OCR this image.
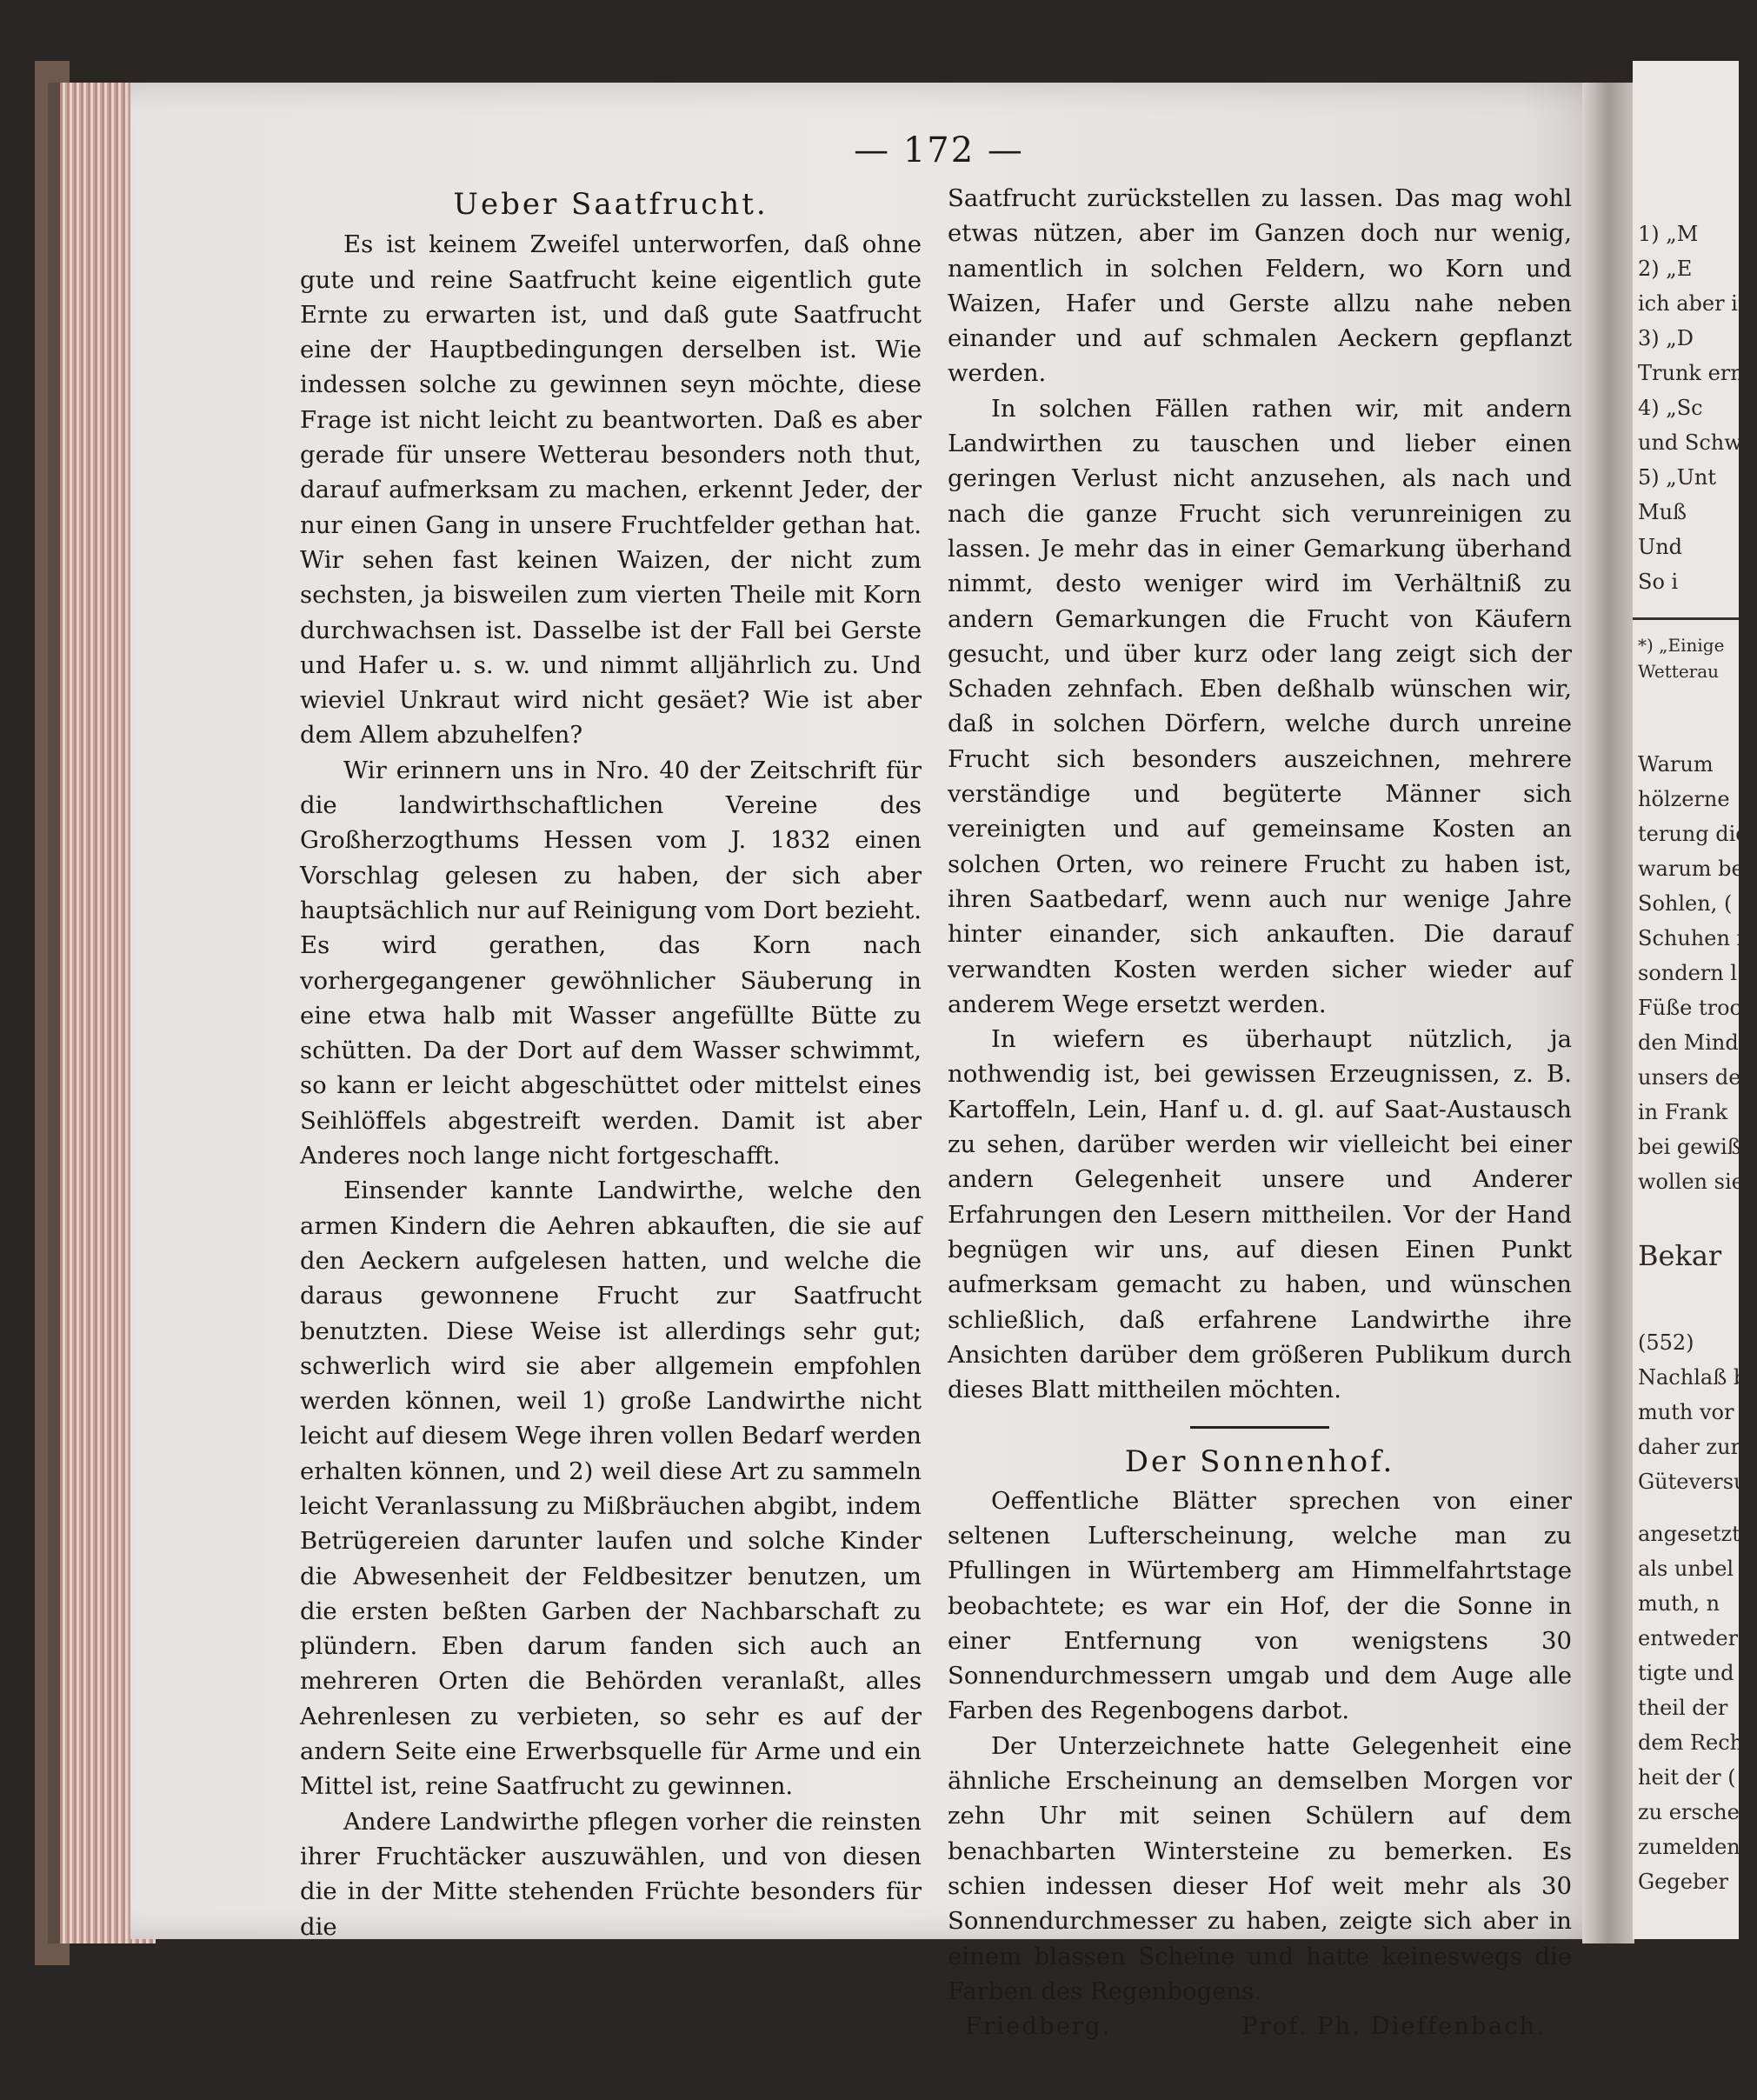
1) „M
2) „E
ich aber ir
3) „D
Trunk ern
4) „Sc
und Schwe
5) „Unt
Muß
Und
So i
*) „Einige
Wetterau
Warum
hölzerne
terung die
warum bed
Sohlen, (
Schuhen f
sondern l
Füße troc
den Mind
unsers de
in Frank
bei gewiß
wollen sie
Bekar
(552)
Nachlaß b
muth vor
daher zur
Güteversu
angesetzt
als unbel
muth, n
entweder
tigte und
theil der
dem Rech
heit der (
zu erschei
zumelden
Gegeber
— 172 —
Ueber Saatfrucht.

Es ist keinem Zweifel unterworfen, daß ohne gute und reine Saatfrucht keine eigentlich gute Ernte zu erwarten ist, und daß gute Saatfrucht eine der Hauptbedingungen derselben ist. Wie indessen solche zu gewinnen seyn möchte, diese Frage ist nicht leicht zu beantworten. Daß es aber gerade für unsere Wetterau besonders noth thut, darauf aufmerksam zu machen, erkennt Jeder, der nur einen Gang in unsere Fruchtfelder gethan hat. Wir sehen fast keinen Waizen, der nicht zum sechsten, ja bisweilen zum vierten Theile mit Korn durchwachsen ist. Dasselbe ist der Fall bei Gerste und Hafer u. s. w. und nimmt alljährlich zu. Und wieviel Unkraut wird nicht gesäet? Wie ist aber dem Allem abzuhelfen?

Wir erinnern uns in Nro. 40 der Zeitschrift für die landwirthschaftlichen Vereine des Großherzogthums Hessen vom J. 1832 einen Vorschlag gelesen zu haben, der sich aber hauptsächlich nur auf Reinigung vom Dort bezieht. Es wird gerathen, das Korn nach vorhergegangener gewöhnlicher Säuberung in eine etwa halb mit Wasser angefüllte Bütte zu schütten. Da der Dort auf dem Wasser schwimmt, so kann er leicht abgeschüttet oder mittelst eines Seihlöffels abgestreift werden. Damit ist aber Anderes noch lange nicht fortgeschafft.

Einsender kannte Landwirthe, welche den armen Kindern die Aehren abkauften, die sie auf den Aeckern aufgelesen hatten, und welche die daraus gewonnene Frucht zur Saatfrucht benutzten. Diese Weise ist allerdings sehr gut; schwerlich wird sie aber allgemein empfohlen werden können, weil 1) große Landwirthe nicht leicht auf diesem Wege ihren vollen Bedarf werden erhalten können, und 2) weil diese Art zu sammeln leicht Veranlassung zu Mißbräuchen abgibt, indem Betrügereien darunter laufen und solche Kinder die Abwesenheit der Feldbesitzer benutzen, um die ersten beßten Garben der Nachbarschaft zu plündern. Eben darum fanden sich auch an mehreren Orten die Behörden veranlaßt, alles Aehrenlesen zu verbieten, so sehr es auf der andern Seite eine Erwerbsquelle für Arme und ein Mittel ist, reine Saatfrucht zu gewinnen.

Andere Landwirthe pflegen vorher die reinsten ihrer Fruchtäcker auszuwählen, und von diesen die in der Mitte stehenden Früchte besonders für die

Saatfrucht zurückstellen zu lassen. Das mag wohl etwas nützen, aber im Ganzen doch nur wenig, namentlich in solchen Feldern, wo Korn und Waizen, Hafer und Gerste allzu nahe neben einander und auf schmalen Aeckern gepflanzt werden.

In solchen Fällen rathen wir, mit andern Landwirthen zu tauschen und lieber einen geringen Verlust nicht anzusehen, als nach und nach die ganze Frucht sich verunreinigen zu lassen. Je mehr das in einer Gemarkung überhand nimmt, desto weniger wird im Verhältniß zu andern Gemarkungen die Frucht von Käufern gesucht, und über kurz oder lang zeigt sich der Schaden zehnfach. Eben deßhalb wünschen wir, daß in solchen Dörfern, welche durch unreine Frucht sich besonders auszeichnen, mehrere verständige und begüterte Männer sich vereinigten und auf gemeinsame Kosten an solchen Orten, wo reinere Frucht zu haben ist, ihren Saatbedarf, wenn auch nur wenige Jahre hinter einander, sich ankauften. Die darauf verwandten Kosten werden sicher wieder auf anderem Wege ersetzt werden.

In wiefern es überhaupt nützlich, ja nothwendig ist, bei gewissen Erzeugnissen, z. B. Kartoffeln, Lein, Hanf u. d. gl. auf Saat-Austausch zu sehen, darüber werden wir vielleicht bei einer andern Gelegenheit unsere und Anderer Erfahrungen den Lesern mittheilen. Vor der Hand begnügen wir uns, auf diesen Einen Punkt aufmerksam gemacht zu haben, und wünschen schließlich, daß erfahrene Landwirthe ihre Ansichten darüber dem größeren Publikum durch dieses Blatt mittheilen möchten.

Der Sonnenhof.

Oeffentliche Blätter sprechen von einer seltenen Lufterscheinung, welche man zu Pfullingen in Würtemberg am Himmelfahrtstage beobachtete; es war ein Hof, der die Sonne in einer Entfernung von wenigstens 30 Sonnendurchmessern umgab und dem Auge alle Farben des Regenbogens darbot.

Der Unterzeichnete hatte Gelegenheit eine ähnliche Erscheinung an demselben Morgen vor zehn Uhr mit seinen Schülern auf dem benachbarten Wintersteine zu bemerken. Es schien indessen dieser Hof weit mehr als 30 Sonnendurchmesser zu haben, zeigte sich aber in einem blassen Scheine und hatte keineswegs die Farben des Regenbogens.

Friedberg.	Prof. Ph. Dieffenbach.
